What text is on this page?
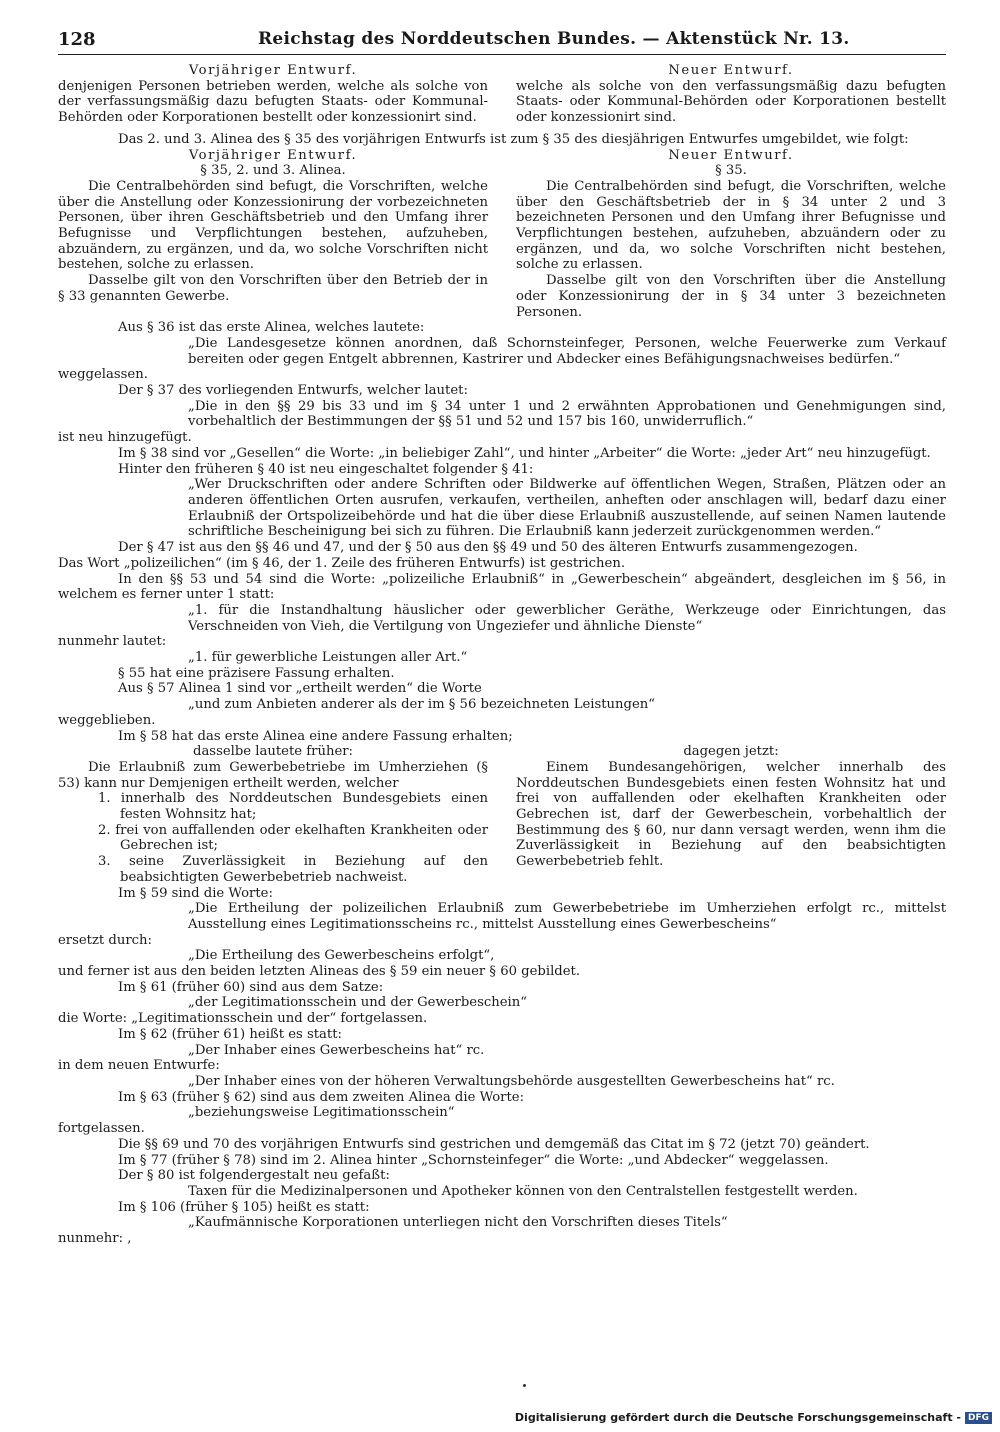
128	Reichstag des Norddeutschen Bundes. — Aktenstück Nr. 13.

Vorjähriger Entwurf.

denjenigen Personen betrieben werden, welche als solche von der verfassungsmäßig dazu befugten Staats- oder Kommunal-Behörden oder Korporationen bestellt oder konzessionirt sind.

Neuer Entwurf.

welche als solche von den verfassungsmäßig dazu befugten Staats- oder Kommunal-Behörden oder Korporationen bestellt oder konzessionirt sind.

Das 2. und 3. Alinea des § 35 des vorjährigen Entwurfs ist zum § 35 des diesjährigen Entwurfes umgebildet, wie folgt:

Vorjähriger Entwurf.

§ 35, 2. und 3. Alinea.

Die Centralbehörden sind befugt, die Vorschriften, welche über die Anstellung oder Konzessionirung der vorbezeichneten Personen, über ihren Geschäftsbetrieb und den Umfang ihrer Befugnisse und Verpflichtungen bestehen, aufzuheben, abzuändern, zu ergänzen, und da, wo solche Vorschriften nicht bestehen, solche zu erlassen.

Dasselbe gilt von den Vorschriften über den Betrieb der in § 33 genannten Gewerbe.

Neuer Entwurf.

§ 35.

Die Centralbehörden sind befugt, die Vorschriften, welche über den Geschäftsbetrieb der in § 34 unter 2 und 3 bezeichneten Personen und den Umfang ihrer Befugnisse und Verpflichtungen bestehen, aufzuheben, abzuändern oder zu ergänzen, und da, wo solche Vorschriften nicht bestehen, solche zu erlassen.

Dasselbe gilt von den Vorschriften über die Anstellung oder Konzessionirung der in § 34 unter 3 bezeichneten Personen.

Aus § 36 ist das erste Alinea, welches lautete:

„Die Landesgesetze können anordnen, daß Schornsteinfeger, Personen, welche Feuerwerke zum Verkauf bereiten oder gegen Entgelt abbrennen, Kastrirer und Abdecker eines Befähigungsnachweises bedürfen.“

weggelassen.

Der § 37 des vorliegenden Entwurfs, welcher lautet:

„Die in den §§ 29 bis 33 und im § 34 unter 1 und 2 erwähnten Approbationen und Genehmigungen sind, vorbehaltlich der Bestimmungen der §§ 51 und 52 und 157 bis 160, unwiderruflich.“

ist neu hinzugefügt.

Im § 38 sind vor „Gesellen“ die Worte: „in beliebiger Zahl“, und hinter „Arbeiter“ die Worte: „jeder Art“ neu hinzugefügt.

Hinter den früheren § 40 ist neu eingeschaltet folgender § 41:

„Wer Druckschriften oder andere Schriften oder Bildwerke auf öffentlichen Wegen, Straßen, Plätzen oder an anderen öffentlichen Orten ausrufen, verkaufen, vertheilen, anheften oder anschlagen will, bedarf dazu einer Erlaubniß der Ortspolizeibehörde und hat die über diese Erlaubniß auszustellende, auf seinen Namen lautende schriftliche Bescheinigung bei sich zu führen. Die Erlaubniß kann jederzeit zurückgenommen werden.“

Der § 47 ist aus den §§ 46 und 47, und der § 50 aus den §§ 49 und 50 des älteren Entwurfs zusammengezogen.

Das Wort „polizeilichen“ (im § 46, der 1. Zeile des früheren Entwurfs) ist gestrichen.

In den §§ 53 und 54 sind die Worte: „polizeiliche Erlaubniß“ in „Gewerbeschein“ abgeändert, desgleichen im § 56, in welchem es ferner unter 1 statt:

„1. für die Instandhaltung häuslicher oder gewerblicher Geräthe, Werkzeuge oder Einrichtungen, das Verschneiden von Vieh, die Vertilgung von Ungeziefer und ähnliche Dienste“

nunmehr lautet:

„1. für gewerbliche Leistungen aller Art.“

§ 55 hat eine präzisere Fassung erhalten.

Aus § 57 Alinea 1 sind vor „ertheilt werden“ die Worte

„und zum Anbieten anderer als der im § 56 bezeichneten Leistungen“

weggeblieben.

Im § 58 hat das erste Alinea eine andere Fassung erhalten;

dasselbe lautete früher:

Die Erlaubniß zum Gewerbebetriebe im Umherziehen (§ 53) kann nur Demjenigen ertheilt werden, welcher

1. innerhalb des Norddeutschen Bundesgebiets einen festen Wohnsitz hat;

2. frei von auffallenden oder ekelhaften Krankheiten oder Gebrechen ist;

3. seine Zuverlässigkeit in Beziehung auf den beabsichtigten Gewerbebetrieb nachweist.

dagegen jetzt:

Einem Bundesangehörigen, welcher innerhalb des Norddeutschen Bundesgebiets einen festen Wohnsitz hat und frei von auffallenden oder ekelhaften Krankheiten oder Gebrechen ist, darf der Gewerbeschein, vorbehaltlich der Bestimmung des § 60, nur dann versagt werden, wenn ihm die Zuverlässigkeit in Beziehung auf den beabsichtigten Gewerbebetrieb fehlt.

Im § 59 sind die Worte:

„Die Ertheilung der polizeilichen Erlaubniß zum Gewerbebetriebe im Umherziehen erfolgt rc., mittelst Ausstellung eines Legitimationsscheins rc., mittelst Ausstellung eines Gewerbescheins“

ersetzt durch:

„Die Ertheilung des Gewerbescheins erfolgt“,

und ferner ist aus den beiden letzten Alineas des § 59 ein neuer § 60 gebildet.

Im § 61 (früher 60) sind aus dem Satze:

„der Legitimationsschein und der Gewerbeschein“

die Worte: „Legitimationsschein und der“ fortgelassen.

Im § 62 (früher 61) heißt es statt:

„Der Inhaber eines Gewerbescheins hat“ rc.

in dem neuen Entwurfe:

„Der Inhaber eines von der höheren Verwaltungsbehörde ausgestellten Gewerbescheins hat“ rc.

Im § 63 (früher § 62) sind aus dem zweiten Alinea die Worte:

„beziehungsweise Legitimationsschein“

fortgelassen.

Die §§ 69 und 70 des vorjährigen Entwurfs sind gestrichen und demgemäß das Citat im § 72 (jetzt 70) geändert.

Im § 77 (früher § 78) sind im 2. Alinea hinter „Schornsteinfeger“ die Worte: „und Abdecker“ weggelassen.

Der § 80 ist folgendergestalt neu gefaßt:

Taxen für die Medizinalpersonen und Apotheker können von den Centralstellen festgestellt werden.

Im § 106 (früher § 105) heißt es statt:

„Kaufmännische Korporationen unterliegen nicht den Vorschriften dieses Titels“

nunmehr: ,

Digitalisierung gefördert durch die Deutsche Forschungsgemeinschaft - DFG
